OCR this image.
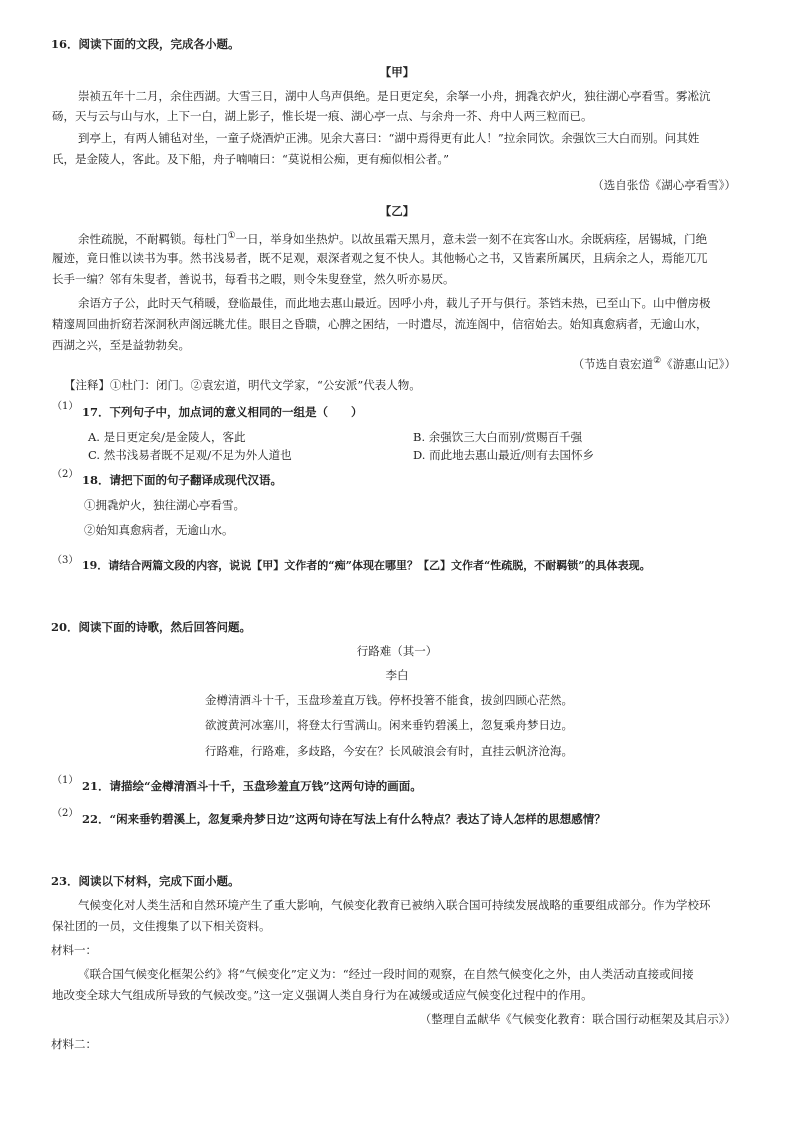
16．阅读下面的文段，完成各小题。
【甲】
崇祯五年十二月，余住西湖。大雪三日，湖中人鸟声俱绝。是日更定矣，余拏一小舟，拥毳衣炉火，独往湖心亭看雪。雾凇沆
砀，天与云与山与水，上下一白，湖上影子，惟长堤一痕、湖心亭一点、与余舟一芥、舟中人两三粒而已。
到亭上，有两人铺毡对坐，一童子烧酒炉正沸。见余大喜曰：“湖中焉得更有此人！”拉余同饮。余强饮三大白而别。问其姓
氏，是金陵人，客此。及下船，舟子喃喃曰：“莫说相公痴，更有痴似相公者。”
（选自张岱《湖心亭看雪》）
【乙】
余性疏脱，不耐羁锁。每杜门①一日，举身如坐热炉。以故虽霜天黑月，意未尝一刻不在宾客山水。余既病痊，居锡城，门绝
履迹，竟日惟以读书为事。然书浅易者，既不足观，艰深者观之复不快人。其他畅心之书，又皆素所属厌，且病余之人，焉能兀兀
长手一编？邻有朱叟者，善说书，每看书之暇，则令朱叟登堂，然久听亦易厌。
余语方子公，此时天气稍暖，登临最佳，而此地去惠山最近。因呼小舟，载儿子开与俱行。茶铛未热，已至山下。山中僧房极
精邃周回曲折窈若深洞秋声阁远眺尤佳。眼目之昏聩，心脾之困结，一时遣尽，流连阁中，信宿始去。始知真愈病者，无逾山水，
西湖之兴，至是益勃勃矣。
（节选自袁宏道②《游惠山记》）
【注释】①杜门：闭门。②袁宏道，明代文学家，“公安派”代表人物。
（1） 17．下列句子中，加点词的意义相同的一组是（　　）
A. 是日更定矣/是金陵人，客此	B. 余强饮三大白而别/赏赐百千强
C. 然书浅易者既不足观/不足为外人道也	D. 而此地去惠山最近/则有去国怀乡
（2） 18．请把下面的句子翻译成现代汉语。
①拥毳炉火，独往湖心亭看雪。
②始知真愈病者，无逾山水。
（3） 19．请结合两篇文段的内容，说说【甲】文作者的“痴”体现在哪里？【乙】文作者“性疏脱，不耐羁锁”的具体表现。
20．阅读下面的诗歌，然后回答问题。
行路难（其一）
李白
金樽清酒斗十千，玉盘珍羞直万钱。停杯投箸不能食，拔剑四顾心茫然。
欲渡黄河冰塞川，将登太行雪满山。闲来垂钓碧溪上，忽复乘舟梦日边。
行路难，行路难，多歧路，今安在？长风破浪会有时，直挂云帆济沧海。
（1） 21．请描绘“金樽清酒斗十千，玉盘珍羞直万钱”这两句诗的画面。
（2） 22．“闲来垂钓碧溪上，忽复乘舟梦日边”这两句诗在写法上有什么特点？表达了诗人怎样的思想感情？
23．阅读以下材料，完成下面小题。
气候变化对人类生活和自然环境产生了重大影响，气候变化教育已被纳入联合国可持续发展战略的重要组成部分。作为学校环
保社团的一员，文佳搜集了以下相关资料。
材料一：
《联合国气候变化框架公约》将“气候变化”定义为：“经过一段时间的观察，在自然气候变化之外，由人类活动直接或间接
地改变全球大气组成所导致的气候改变。”这一定义强调人类自身行为在减缓或适应气候变化过程中的作用。
（整理自孟献华《气候变化教育：联合国行动框架及其启示》）
材料二：
